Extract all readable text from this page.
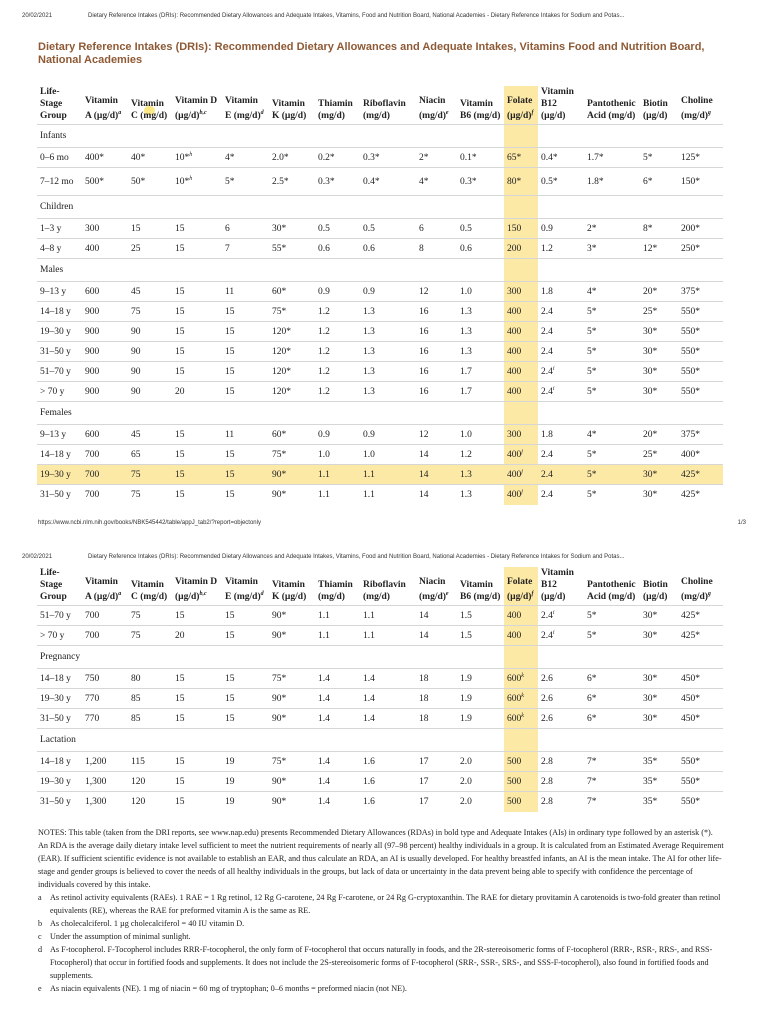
20/02/2021	Dietary Reference Intakes (DRIs): Recommended Dietary Allowances and Adequate Intakes, Vitamins, Food and Nutrition Board, National Academies - Dietary Reference Intakes for Sodium and Potas...
Dietary Reference Intakes (DRIs): Recommended Dietary Allowances and Adequate Intakes, Vitamins Food and Nutrition Board, National Academies
Life-Stage Group	Vitamin A $(\mu g/d)^a$	Vitamin C (mg/d)	Vitamin D $(\mu g/d)^{b,c}$	Vitamin E $(mg/d)^d$	Vitamin K (µg/d)	Thiamin (mg/d)	Riboflavin (mg/d)	Niacin $(mg/d)^e$	Vitamin B6 (mg/d)	Folate $(\mu g/d)^f$	Vitamin B12 (µg/d)	Pantothenic Acid (mg/d)	Biotin (µg/d)	Choline $(mg/d)^g$
Infants														
0–6 mo	400*	40*	10*$^h$	4*	2.0*	0.2*	0.3*	2*	0.1*	65*	0.4*	1.7*	5*	125*
7–12 mo	500*	50*	10*$^h$	5*	2.5*	0.3*	0.4*	4*	0.3*	80*	0.5*	1.8*	6*	150*
Children														
1–3 y	300	15	15	6	30*	0.5	0.5	6	0.5	150	0.9	2*	8*	200*
4–8 y	400	25	15	7	55*	0.6	0.6	8	0.6	200	1.2	3*	12*	250*
Males														
9–13 y	600	45	15	11	60*	0.9	0.9	12	1.0	300	1.8	4*	20*	375*
14–18 y	900	75	15	15	75*	1.2	1.3	16	1.3	400	2.4	5*	25*	550*
19–30 y	900	90	15	15	120*	1.2	1.3	16	1.3	400	2.4	5*	30*	550*
31–50 y	900	90	15	15	120*	1.2	1.3	16	1.3	400	2.4	5*	30*	550*
51–70 y	900	90	15	15	120*	1.2	1.3	16	1.7	400	2.4$^i$	5*	30*	550*
> 70 y	900	90	20	15	120*	1.2	1.3	16	1.7	400	2.4$^i$	5*	30*	550*
Females														
9–13 y	600	45	15	11	60*	0.9	0.9	12	1.0	300	1.8	4*	20*	375*
14–18 y	700	65	15	15	75*	1.0	1.0	14	1.2	400$^j$	2.4	5*	25*	400*
19–30 y	700	75	15	15	90*	1.1	1.1	14	1.3	400$^j$	2.4	5*	30*	425*
31–50 y	700	75	15	15	90*	1.1	1.1	14	1.3	400$^j$	2.4	5*	30*	425*
https://www.ncbi.nlm.nih.gov/books/NBK545442/table/appJ_tab2/?report=objectonly	1/3
20/02/2021	Dietary Reference Intakes (DRIs): Recommended Dietary Allowances and Adequate Intakes, Vitamins, Food and Nutrition Board, National Academies - Dietary Reference Intakes for Sodium and Potas...
Life-Stage Group	Vitamin A $(\mu g/d)^a$	Vitamin C (mg/d)	Vitamin D $(\mu g/d)^{b,c}$	Vitamin E $(mg/d)^d$	Vitamin K (µg/d)	Thiamin (mg/d)	Riboflavin (mg/d)	Niacin $(mg/d)^e$	Vitamin B6 (mg/d)	Folate $(\mu g/d)^f$	Vitamin B12 (µg/d)	Pantothenic Acid (mg/d)	Biotin (µg/d)	Choline $(mg/d)^g$
51–70 y	700	75	15	15	90*	1.1	1.1	14	1.5	400	2.4$^i$	5*	30*	425*
> 70 y	700	75	20	15	90*	1.1	1.1	14	1.5	400	2.4$^i$	5*	30*	425*
Pregnancy														
14–18 y	750	80	15	15	75*	1.4	1.4	18	1.9	600$^k$	2.6	6*	30*	450*
19–30 y	770	85	15	15	90*	1.4	1.4	18	1.9	600$^k$	2.6	6*	30*	450*
31–50 y	770	85	15	15	90*	1.4	1.4	18	1.9	600$^k$	2.6	6*	30*	450*
Lactation														
14–18 y	1,200	115	15	19	75*	1.4	1.6	17	2.0	500	2.8	7*	35*	550*
19–30 y	1,300	120	15	19	90*	1.4	1.6	17	2.0	500	2.8	7*	35*	550*
31–50 y	1,300	120	15	19	90*	1.4	1.6	17	2.0	500	2.8	7*	35*	550*

NOTES: This table (taken from the DRI reports, see www.nap.edu) presents Recommended Dietary Allowances (RDAs) in bold type and Adequate Intakes (AIs) in ordinary type followed by an asterisk (*). An RDA is the average daily dietary intake level sufficient to meet the nutrient requirements of nearly all (97–98 percent) healthy individuals in a group. It is calculated from an Estimated Average Requirement (EAR). If sufficient scientific evidence is not available to establish an EAR, and thus calculate an RDA, an AI is usually developed. For healthy breastfed infants, an AI is the mean intake. The AI for other life-stage and gender groups is believed to cover the needs of all healthy individuals in the groups, but lack of data or uncertainty in the data prevent being able to specify with confidence the percentage of individuals covered by this intake.

a As retinol activity equivalents (RAEs). 1 RAE = 1 Rg retinol, 12 Rg G-carotene, 24 Rg F-carotene, or 24 Rg G-cryptoxanthin. The RAE for dietary provitamin A carotenoids is two-fold greater than retinol equivalents (RE), whereas the RAE for preformed vitamin A is the same as RE.

b As cholecalciferol. 1 µg cholecalciferol = 40 IU vitamin D.

c Under the assumption of minimal sunlight.

d As F-tocopherol. F-Tocopherol includes RRR-F-tocopherol, the only form of F-tocopherol that occurs naturally in foods, and the 2R-stereoisomeric forms of F-tocopherol (RRR-, RSR-, RRS-, and RSS-Ftocopherol) that occur in fortified foods and supplements. It does not include the 2S-stereoisomeric forms of F-tocopherol (SRR-, SSR-, SRS-, and SSS-F-tocopherol), also found in fortified foods and supplements.

e As niacin equivalents (NE). 1 mg of niacin = 60 mg of tryptophan; 0–6 months = preformed niacin (not NE).
